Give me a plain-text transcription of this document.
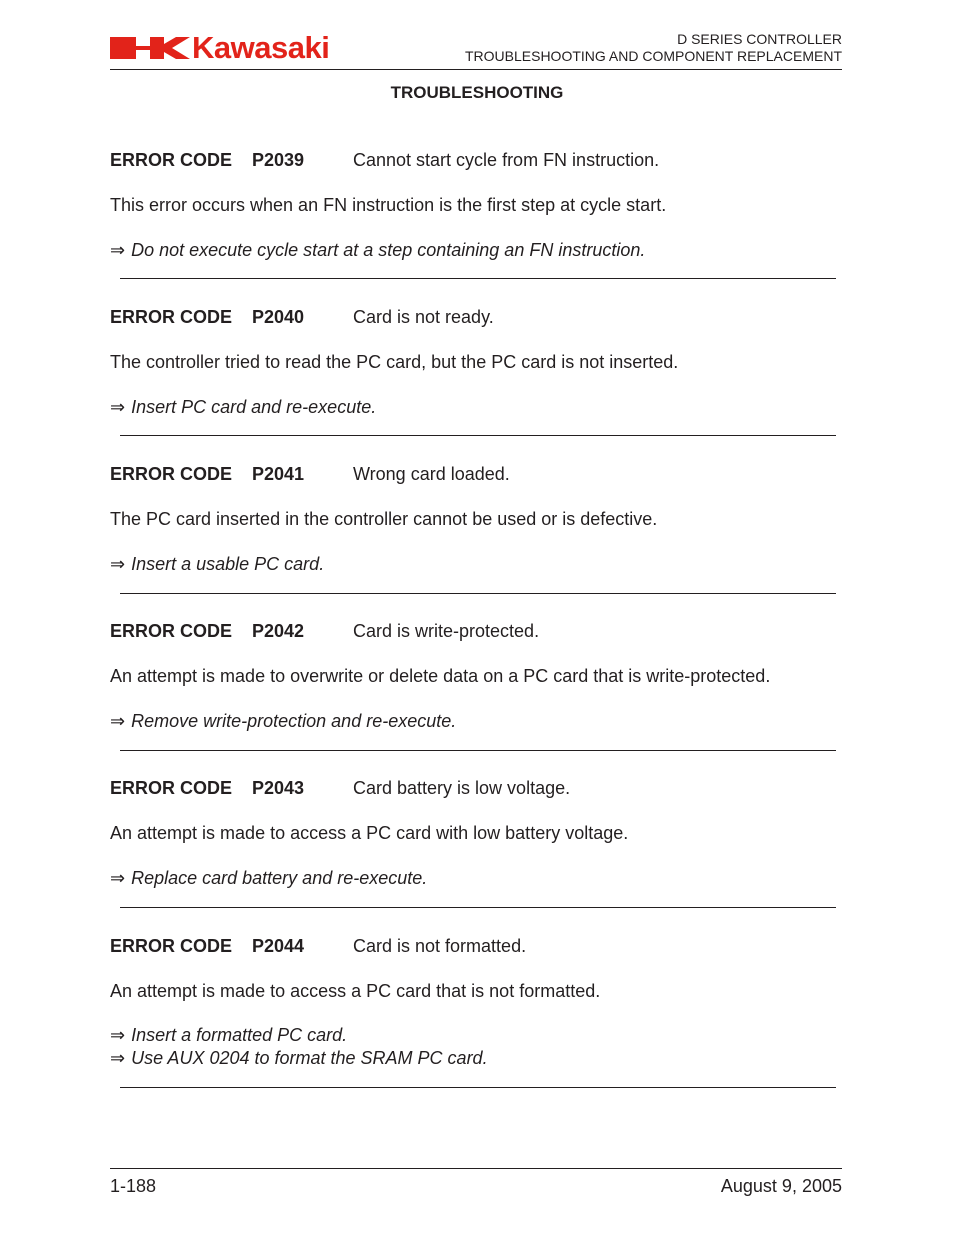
Kawasaki	D SERIES CONTROLLER
TROUBLESHOOTING AND COMPONENT REPLACEMENT
TROUBLESHOOTING
ERROR CODE P2039	Cannot start cycle from FN instruction.
This error occurs when an FN instruction is the first step at cycle start.
⇒ Do not execute cycle start at a step containing an FN instruction.
ERROR CODE P2040	Card is not ready.
The controller tried to read the PC card, but the PC card is not inserted.
⇒ Insert PC card and re-execute.
ERROR CODE P2041	Wrong card loaded.
The PC card inserted in the controller cannot be used or is defective.
⇒ Insert a usable PC card.
ERROR CODE P2042	Card is write-protected.
An attempt is made to overwrite or delete data on a PC card that is write-protected.
⇒ Remove write-protection and re-execute.
ERROR CODE P2043	Card battery is low voltage.
An attempt is made to access a PC card with low battery voltage.
⇒ Replace card battery and re-execute.
ERROR CODE P2044	Card is not formatted.
An attempt is made to access a PC card that is not formatted.
⇒ Insert a formatted PC card.
⇒ Use AUX 0204 to format the SRAM PC card.
1-188	August 9, 2005
